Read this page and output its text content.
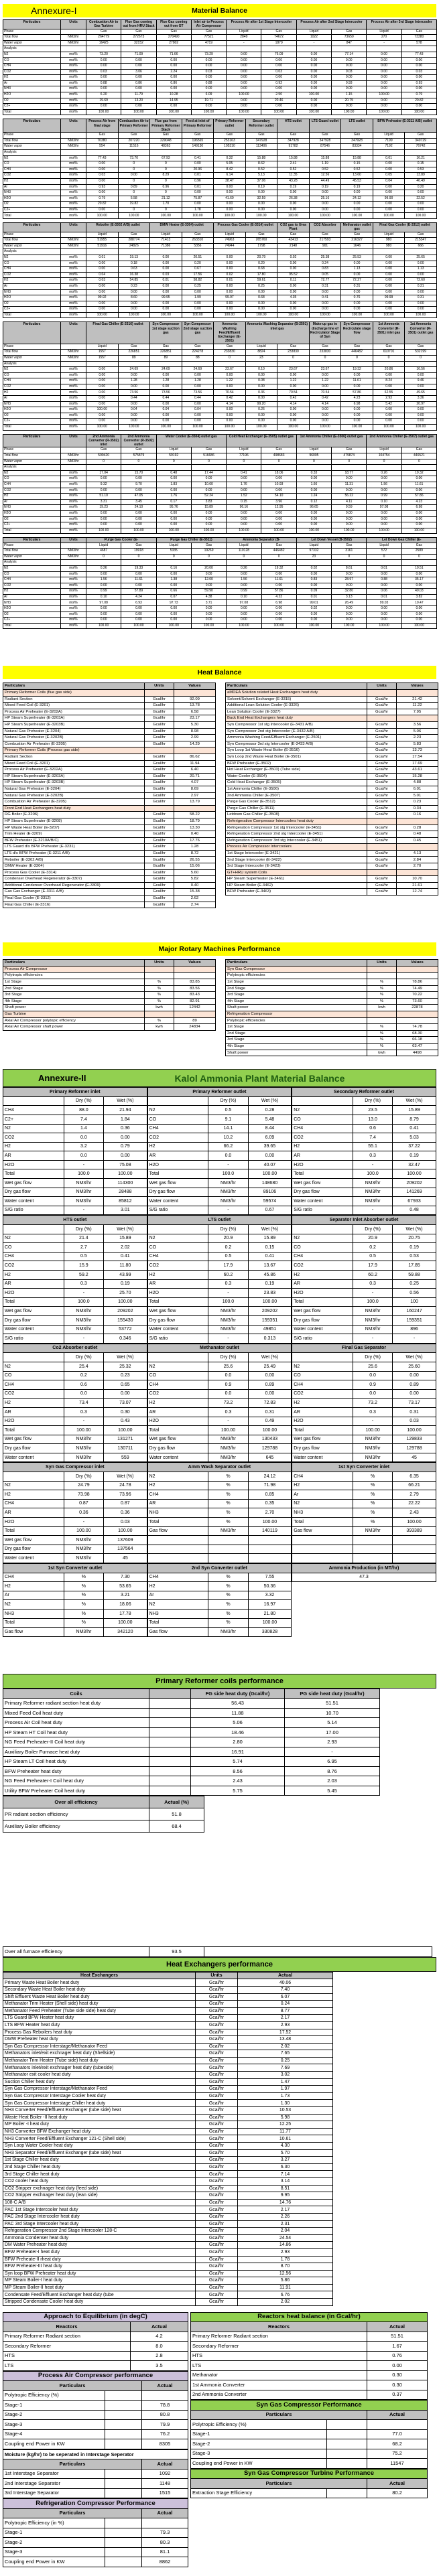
Annexure-I	Material Balance
Particulars	Units	Combustion Air to Gas Turbine	Flue Gas coming out from HRU Stack	Flue Gas coming out from GT	Inlet air to Process Air Compressor	Process Air after 1st Stage Intercooler		Process Air after 2nd Stage Intercooler		Process Air after 3rd Stage Intercooler	
Phase		Gas	Gas	Gas	Gas	Liquid	Gas	Liquid	Gas	Liquid	Gas
Total flow	NM3/hr	264779	272673	270490	77521	2849	74672	1022	73650	270	73380
Water vapor	NM3/hr	16425	32152	27802	4719	-	1870	-	847	-	578
Analysis											
N2	mol%	73.20	71.09	71.66	73.29	0.00	76.09	0.00	77.14	0.00	77.43
CO	mol%	0.00	0.00	0.00	0.00	0.00	0.00	0.00	0.00	0.00	0.00
CH4	mol%	0.00	0.00	0.00	0.00	0.00	0.00	0.00	0.00	0.00	0.00
CO2	mol%	0.03	3.06	2.24	0.03	0.00	0.03	0.00	0.03	0.00	0.03
H2	mol%	0.00	0.00	0.00	0.00	0.00	0.00	0.00	0.00	0.00	0.00
Ar	mol%	0.88	0.86	0.86	0.88	0.00	0.92	0.00	0.93	0.00	0.93
NH3	mol%	0.00	0.00	0.00	0.00	0.00	0.00	0.00	0.00	0.00	0.00
H2O	mol%	6.20	11.79	10.28	6.09	100.00	2.50	100.00	1.15	100.00	0.79
O2	mol%	19.69	13.20	14.95	19.71	0.00	20.46	0.00	20.75	0.00	20.82
C2+	mol%	0.00	0.00	0.00	0.00	0.00	0.00	0.00	0.00	0.00	0.00
Total	mol%	100.00	100.00	100.00	100.00	100.00	100.00	100.00	100.00	100.00	100.00
Particulars	Units	Process Air from final stage	Combustion Air to Primary Reformer	Flue gas from Primary Reformer Stack	Feed at inlet of Primary Reformer	Primary Reformer outlet	Secondary Reformer outlet	HTS outlet	LTS Guard outlet	LTS outlet	BFW Preheater (E-3211 A/B) outlet	
Phase		Gas	Gas	Gas	Gas	Gas	Gas	Gas	Gas	Gas	Liquid	Gas
Total flow	NM3/hr	70380	207220	229048	196565	253163	347928	347928	347928	347928	7199	340729
Water vapor	NM3/hr	554	11516	48363	149130	105310	113406	91782	87546	83334	7192	76742
Analysis												
N2	mol%	77.43	73.70	67.93	0.41	0.32	15.88	15.88	15.88	15.88	0.01	16.21
CO	mol%	0.00	0	0	0.00	5.05	8.62	2.41	1.19	0.15	0.00	0.15
CH4	mol%	0.00	0	0	20.96	8.42	0.52	0.52	0.52	0.52	0.00	0.53
CO2	mol%	0.03	0.00	8.29	0.01	6.14	5.13	11.35	12.56	13.60	0.05	13.89
H2	mol%	0.00	0	0	0.96	38.47	37.06	43.28	44.49	45.53	0.04	46.49
Ar	mol%	0.93	0.89	0.96	0.01	0.00	0.19	0.19	0.19	0.19	0.00	0.20
NH3	mol%	0.00	0	0	0.00	0.00	0.00	0.00	0.00	0.00	0.00	0.00
H2O	mol%	0.79	5.58	21.12	75.87	41.60	32.59	26.38	25.16	24.12	99.90	22.52
O2	mol%	20.82	19.82	1.70	0.00	0.00	0.00	0.00	0.00	0.00	0.00	0.00
C2+	mol%	0.00	0	0	1.78	0.00	0.00	0.00	0.00	0.00	0.00	0.00
Total	mol%	100.00	100.00	100.00	100.00	100.00	100.00	100.00	100.00	100.00	100.00	100.00
Particulars	Units	Reboiler (E-3302 A/B) outlet		DMW Heater (E-3304) outlet		Process Gas Cooler (E-3314) outlet		CO2 gas to Urea Plant	CO2 Absorber	Methanator outlet gas	Final Gas Cooler (E-3312) outlet	
Phase		Liquid	Gas	Liquid	Gas	Liquid	Gas	Gas	Gas	Gas	Liquid	Gas
Total flow	NM3/hr	51955	288774	71413	263310	74963	265760	43413	217593	216327	980	215347
Water vapor	NM3/hr	51916	24826	71386	5356	74944	1798	2148	901	1646	980	666
Analysis												
N2	mol%	0.01	19.13	0.00	20.51	0.00	20.79	0.02	25.38	25.53	0.00	25.65
CO	mol%	0.00	0.18	0.00	0.20	0.00	0.20	0.00	0.24	0.00	0.00	0.00
CH4	mol%	0.00	0.63	0.00	0.67	0.00	0.68	0.00	0.83	1.13	0.00	1.13
CO2	mol%	0.04	16.38	0.03	17.56	0.02	17.80	95.52	0.05	0.00	0.00	0.00
H2	mol%	0.03	54.85	0.01	58.82	0.01	59.61	0.11	72.77	72.27	0.00	72.60
Ar	mol%	0.00	0.23	0.00	0.25	0.00	0.25	0.00	0.31	0.31	0.00	0.31
NH3	mol%	0.00	0.00	0.00	0.00	0.00	0.00	0.00	0.00	0.00	0.00	0.00
H2O	mol%	99.92	8.60	99.95	1.99	99.97	0.68	4.35	0.41	0.76	99.99	0.31
O2	mol%	0.00	0.00	0.00	0.00	0.00	0.00	0.00	0.00	0.00	0.00	0.00
C2+	mol%	0.00	0.00	0.00	0.00	0.00	0.00	0.00	0.00	0.00	0.00	0.00
Total	mol%	100.00	100.00	100.00	100.00	100.00	100.00	100.00	100.00	100.00	100.00	100.00
Particulars	Units	Final Gas Chiller (E-3316) outlet		Syn Compressor 1st stage suction gas	Syn Compressor 2nd stage suction gas	Ammonia Washing Feed/Effluent Exchanger (E-2501)	Ammonia Washing Separator (B-2501) inlet gas		Make-up gas to discharge line of Recirculator Stage of Syn	Syn Compressor Recirculate stage flow	1st Ammonia Converter (R-3501) inlet gas	1st Ammonia Converter (R-3501) outlet gas
Phase		Liquid	Gas	Gas	Gas	Gas	Liquid	Gas	Gas	Gas	Gas	Gas
Total flow	NM3/hr	1557	226851	226851	224278	233830	8824	233830	233830	446482	610701	532199
Water vapor	NM3/hr	1557	89	89	88	0	23	0	0	0	0	0
Analysis												
N2	mol%	0.00	24.69	24.69	24.69	23.67	0.10	23.67	23.67	19.32	20.86	16.56
CO	mol%	0.00	0.00	0.00	0.00	0.00	0.00	0.00	0.00	0.00	0.00	0.00
CH4	mol%	0.00	1.28	1.28	1.28	1.22	0.08	1.22	1.22	11.61	8.24	9.46
CO2	mol%	0.00	0.00	0.00	0.00	0.00	0.00	0.00	0.00	0.00	0.00	0.00
H2	mol%	0.00	73.56	73.56	73.56	70.54	0.36	70.54	70.54	57.86	62.55	49.65
Ar	mol%	0.00	0.44	0.44	0.44	0.42	0.00	0.42	0.42	4.23	2.93	3.36
NH3	mol%	0.00	0.00	0.00	0.00	4.14	99.20	4.14	4.14	6.98	5.42	20.97
H2O	mol%	100.00	0.04	0.04	0.04	0.00	0.26	0.00	0.00	0.00	0.00	0.00
O2	mol%	0.00	0.00	0.00	0.00	0.00	0.00	0.00	0.00	0.00	0.00	0.00
C2+	mol%	0.00	0.00	0.00	0.00	0.00	0.00	0.00	0.00	0.00	0.00	0.00
Total	mol%	100.00	100.00	100.00	100.00	100.00	100.00	100.00	100.00	100.00	100.00	100.00
Particulars	Units	2nd Ammonia Converter (R-3502) inlet	2nd Ammonia Converter (R-3502) outlet	Water Cooler (E-3504) outlet gas		Cold Heat Exchanger (E-3505) outlet gas		1st Ammonia Chiller (E-3506) outlet gas		2nd Ammonia Chiller (E-3507) outlet gas	
Phase		Gas	Gas	Liquid	Gas	Liquid	Gas	Liquid	Gas	Liquid	Gas
Total flow	NM3/hr	599420	575879	59192	516686	77196	498683	96005	479874	104754	446521
Water vapor	NM3/hr	0	0	0	0	0	0	0	0	0	0
Analysis											
N2	mol%	17.04	15.70	0.48	17.44	0.41	18.06	0.33	18.77	0.26	19.32
CO	mol%	0.00	0.00	0.00	0.00	0.00	0.00	0.00	0.00	0.00	0.00
CH4	mol%	9.32	9.70	1.83	10.60	1.76	10.93	1.66	11.31	1.56	11.61
CO2	mol%	0.00	0.00	0.00	0.00	0.00	0.00	0.00	0.00	0.00	0.00
H2	mol%	51.10	47.05	1.76	52.24	1.52	54.10	1.24	56.22	0.99	57.86
Ar	mol%	3.31	3.45	0.17	3.83	0.15	3.96	0.12	4.11	0.10	4.23
NH3	mol%	19.23	24.10	95.76	15.89	96.16	12.95	96.65	9.59	97.08	6.98
H2O	mol%	0.00	0.00	0.00	0.00	0.00	0.00	0.00	0.00	0.00	0.00
O2	mol%	0.00	0.00	0.00	0.00	0.00	0.00	0.00	0.00	0.00	0.00
C2+	mol%	0.00	0.00	0.00	0.00	0.00	0.00	0.00	0.00	0.00	0.00
Total	mol%	100.00	100.00	100.00	100.00	100.00	100.00	100.00	100.00	100.00	100.00
Particulars	Units	Purge Gas Cooler (E-		Purge Gas Chiller (E-3511)		Ammonia Separator (B-		Let Down Vessel (B-3502)		Let Down Gas Chiller (E-	
Phase		Liquid	Gas	Liquid	Gas	Liquid	Gas	Liquid	Gas	Liquid	Gas
Total flow	NM3/hr	4687	19918	5335	19269	110128	446482	97332	3161	572	2589
Water vapor	NM3/hr	0	0	0	0	0	0	23	0	0	0
Analysis											
N2	mol%	0.26	19.33	0.16	20.00	0.26	19.32	0.02	8.61	0.01	10.51
CO	mol%	0.00	0.00	0.00	0.00	0.00	0.00	0.00	0.00	0.00	0.00
CH4	mol%	1.56	11.61	1.38	12.00	1.56	11.61	0.83	28.97	0.88	35.17
CO2	mol%	0.00	0.00	0.00	0.00	0.00	0.00	0.00	0.00	0.00	0.00
H2	mol%	0.99	57.89	0.66	59.90	0.99	57.86	0.09	32.80	0.06	40.03
Ar	mol%	0.10	4.24	0.07	4.38	0.10	4.23	0.01	3.13	0.01	3.82
NH3	mol%	97.08	6.93	97.73	3.71	97.08	6.98	99.01	26.49	99.03	10.47
H2O	mol%	0.00	0.00	0.00	0.00	0.00	0.00	0.02	0.00	0.00	0.00
O2	mol%	0.00	0.00	0.00	0.00	0.00	0.00	0.00	0.00	0.00	0.00
C2+	mol%	0.00	0.00	0.00	0.00	0.00	0.00	0.00	0.00	0.00	0.00
Total	mol%	100.00	100.00	100.00	100.00	100.00	100.00	100.00	100.00	100.00	100.00
Heat Balance
Particulars	Units	Values
Primary Reformer Coils (flue gas side)		
Radiant Section	Gcal/hr	92.09
Mixed Feed Coil (E-3201)	Gcal/hr	13.78
Process Air Preheater (E-3202A)	Gcal/hr	6.58
HP Steam Superheater (E-3203A)	Gcal/hr	23.17
HP Steam Superheater (E-3203B)	Gcal/hr	5.30
Natural Gas Preheater (E-3204)	Gcal/hr	8.98
Natural Gas Preheater (E-3202B)	Gcal/hr	2.99
Combustion Air Preheater (E-3205)	Gcal/hr	14.29
Primary Reformer Coils (Process gas side)		
Radiant Section	Gcal/hr	86.62
Mixed Feed Coil (E-3201)	Gcal/hr	11.94
Process Air Preheater (E-3202A)	Gcal/hr	6.40
HP Steam Superheater (E-3203A)	Gcal/hr	20.71
HP Steam Superheater (E-3203B)	Gcal/hr	4.07
Natural Gas Preheater (E-3204)	Gcal/hr	8.69
Natural Gas Preheater (E-3202B)	Gcal/hr	2.97
Combustion Air Preheater (E-3205)	Gcal/hr	13.79
Front End Heat Exchangers heat duty		
RG Boiler (E-3206)	Gcal/hr	58.22
HP Steam Superheater (E-3208)	Gcal/hr	18.79
HP Waste Heat Boiler (E-3207)	Gcal/hr	13.30
Trim Heater (E-3209)	Gcal/hr	0.40
BFW Preheater (E-3210A/B/C)	Gcal/hr	17.76
LTS Guard d/s BFW Preheater (E-3231)	Gcal/hr	1.28
LTS d/s BFW Preheater (E-3211 A/B)	Gcal/hr	8.72
Reboiler (E-3302 A/B)	Gcal/hr	26.55
DMW Heater (E-3304)	Gcal/hr	15.06
Process Gas Cooler (E-3314)	Gcal/hr	5.60
Condenser Overhead Regenerator (E-3307)	Gcal/hr	5.82
Additional Condenser Overhead Regenerator (E-3309)	Gcal/hr	0.40
Gas Gas Exchanger (E-3311 A/B)	Gcal/hr	15.38
Final Gas Cooler (E-3312)	Gcal/hr	2.62
Final Gas Chiller (E-3316)	Gcal/hr	2.74
Particulars	Units	Values
aMDEA Solution related Heat Exchangers heat duty		
Solvent/Solvent Exchanger (E-3315)	Gcal/hr	21.42
Additional Lean Solution Cooler (E-3326)	Gcal/hr	11.22
Lean Solution Cooler (E-3327)	Gcal/hr	7.95
Back End Heat Exchangers heat duty		
Syn Compressor 1st stg Intercooler (E-3431 A/B)	Gcal/hr	3.56
Syn Compressor 2nd stg Intercooler (E-3432 A/B)	Gcal/hr	5.06
Ammonia Washing Feed/Effluent Exchanger (E-2501)	Gcal/hr	2.23
Syn Compressor 3rd stg Intercooler (E-3433 A/B)	Gcal/hr	5.83
Syn Loop 1st Waste Heat Boiler (E-3516)	Gcal/hr	13.73
Syn Loop 2nd Waste Heat Boiler (E-3501)	Gcal/hr	17.54
BFW Preheater (E-3502)	Gcal/hr	17.69
Hot Heat Exchanger (E-3503) (Tube side)	Gcal/hr	43.61
Water Cooler (E-3504)	Gcal/hr	15.28
Cold Heat Exchanger (E-3505)	Gcal/hr	4.88
1st Ammonia Chiller (E-3506)	Gcal/hr	6.01
2nd Ammonia Chiller (E-3507)	Gcal/hr	5.01
Purge Gas Cooler (E-3512)	Gcal/hr	0.23
Purge Gas Chiller (E-3511)	Gcal/hr	0.34
Letdown Gas Chiller (E-3508)	Gcal/hr	0.16
Referigeration Compressor Intercoolers heat duty		
Refrigeration Compressor 1st stg Intercooler (E-3451)	Gcal/hr	0.28
Refrigeration Compressor 2nd stg Intercooler (E-3451)	Gcal/hr	0.48
Refrigeration Compressor 3rd stg Intercooler (E-3451)	Gcal/hr	0.45
Process Air Compressor Intercoolers		
1st Stage Intercooler (E-3421)	Gcal/hr	4.13
2nd Stage Intercooler (E-3422)	Gcal/hr	2.84
3rd Stage Intercooler (E-3423)	Gcal/hr	2.70
GT+HRU system Coils		
HP Steam Superheater (E-3461)	Gcal/hr	10.70
HP Steam Boiler (E-3462)	Gcal/hr	21.61
BFW Preheater (E-3463)	Gcal/hr	12.74
Major Rotary Machines Performance
Particulars	Units	Values
Process Air Compressor		
Polytropic efficiencies		
1st Stage	%	83.85
2nd Stage	%	83.56
3rd Stage	%	83.43
4th Stage	%	82.91
Shaft power	kwh	12442
Gas Turbine		
Axial Air Compressor polytopic efficiency	%	89
Axial Air Compressor shaft power	kwh	24834
Particulars	Units	Values
Syn Gas Compressor		
Polytropic efficiencies		
1st Stage	%	78.86
2nd Stage	%	74.49
3rd Stage	%	70.22
4th Stage	%	73.60
Shaft power	kwh	22878
Refrigeration Compressor		
Polytropic efficiencies		
1st Stage	%	74.78
2nd Stage	%	68.30
3rd Stage	%	66.18
4th Stage	%	63.47
Shaft power	kwh	4498
Annexure-II	Kalol Ammonia Plant Material Balance
Primary Reformer inlet		
	Dry (%)	Wet (%)
CH4	88.0	21.94
C2+	7.4	1.84
N2	1.4	0.36
CO2	0.0	0.00
H2	3.2	0.79
AR	0.0	0.00
H2O	-	75.08
Total	100.0	100.00
Wet gas flow	NM3/hr	114300
Dry gas flow	NM3/hr	28488
Water content	NM3/hr	85812
S/G ratio	-	3.01
Primary Reformer outlet		
	Dry (%)	Wet (%)
N2	0.5	0.28
CO	9.1	5.48
CH4	14.1	8.44
CO2	10.2	6.09
H2	66.2	39.65
AR	0.0	0.00
H2O	-	40.07
Total	100.0	100.00
Wet gas flow	NM3/hr	148680
Dry gas flow	NM3/hr	89106
Water content	NM3/hr	59574
S/G ratio	-	0.67
Secondary Reformer outlet		
	Dry (%)	Wet (%)
N2	23.5	15.89
CO	13.0	8.79
CH4	0.6	0.41
CO2	7.4	5.03
H2	55.1	37.22
AR	0.3	0.19
H2O	-	32.47
Total	100.0	100.00
Wet gas flow	NM3/hr	209202
Dry gas flow	NM3/hr	141269
Water content	NM3/hr	67933
S/G ratio	-	0.48
HTS outlet		
	Dry (%)	Wet (%)
N2	21.4	15.89
CO	2.7	2.02
CH4	0.5	0.41
CO2	15.9	11.80
H2	59.2	43.99
AR	0.3	0.19
H2O	-	25.70
Total	100.0	100.00
Wet gas flow	NM3/hr	209202
Dry gas flow	NM3/hr	155430
Water content	NM3/hr	53772
S/G ratio	-	0.346
LTS outlet		
	Dry (%)	Wet (%)
N2	20.9	15.89
CO	0.2	0.15
CH4	0.5	0.41
CO2	17.9	13.67
H2	60.2	45.86
AR	0.3	0.19
H2O	-	23.83
Total	100.0	100.00
Wet gas flow	NM3/hr	209202
Dry gas flow	NM3/hr	159351
Water content	NM3/hr	49851
S/G ratio	-	0.313
Separator Inlet Absorber outlet		
	Dry (%)	Wet (%)
N2	20.9	20.75
CO	0.2	0.19
CH4	0.5	0.53
CO2	17.9	17.85
H2	60.2	59.88
AR	0.3	0.25
H2O	-	0.56
Total	100.0	100
Wet gas flow	NM3/hr	160247
Dry gas flow	NM3/hr	159351
Water content	NM3/hr	896
S/G ratio	-	-
Co2 Absorber outlet		
	Dry (%)	Wet (%)
N2	25.4	25.32
CO	0.2	0.23
CH4	0.6	0.65
CO2	0.0	0.00
H2	73.4	73.07
AR	0.3	0.30
H2O	-	0.43
Total	100.00	100.00
Wet gas flow	NM3/hr	131271
Dry gas flow	NM3/hr	130711
Water content	NM3/hr	559
Methanator outlet		
	Dry (%)	Wet (%)
N2	25.6	25.49
CO	0.0	0.00
CH4	0.9	0.89
CO2	0.0	0.00
H2	73.2	72.83
AR	0.3	0.31
H2O	-	0.49
Total	100.00	100.00
Wet gas flow	NM3/hr	130433
Dry gas flow	NM3/hr	129788
Water content	NM3/hr	645
Final Gas Separator		
	Dry (%)	Wet (%)
N2	25.6	25.60
CO	0.0	0.00
CH4	0.9	0.89
CO2	0.0	0.00
H2	73.2	73.17
AR	0.3	0.31
H2O	-	0.03
Total	100.00	100.00
Wet gas flow	NM3/hr	129833
Dry gas flow	NM3/hr	129788
Water content	NM3/hr	45
Syn Gas Compressor inlet		
	Dry (%)	Wet (%)
N2	24.79	24.78
H2	73.98	73.96
CH4	0.87	0.87
AR	0.36	0.36
H2O	-	0.03
Total	100.00	100.00
Wet gas flow	NM3/hr	137609
Dry gas flow	NM3/hr	137564
Water content	NM3/hr	45
Amm Wash Separator outlet		
N2	%	24.12
H2	%	71.98
CH4	%	0.85
AR	%	0.35
NH3	%	2.70
Total	%	100.00
Gas flow	NM3/hr	140119

1st Syn Converter inlet		
CH4	%	6.35
H2	%	66.21
Ar	%	2.79
N2	%	22.22
NH3	%	2.43
Total	%	100.00
Gas flow	NM3/hr	393389

1st Syn Converter outlet		
CH4	%	7.30
H2	%	53.65
Ar	%	3.21
N2	%	18.06
NH3	%	17.78
Total	%	100.00
Gas flow	NM3/hr	342120
2nd Syn Converter outlet		
CH4	%	7.55
H2	%	50.36
Ar	%	3.32
N2	%	16.97
NH3	%	21.80
Total	%	100.00
Gas flow	NM3/hr	330828
Ammonia Production (in MT/hr)
47.3
Primary Reformer coils performance
Coils		FG side heat duty (Gcal/hr)	PG side heat duty (Gcal/hr)
Primary Reformer radiant section heat duty		56.43	51.51
Mixed Feed Coil heat duty		11.88	10.70
Process Air Coil heat duty		5.06	5.14
HP Steam HT Coil heat duty		18.46	17.00
NG Feed Preheater-II Coil heat duty		2.80	2.93
Auxiliary Boiler Furnace heat duty		16.91	-
HP Steam LT Coil heat duty		5.74	6.95
BFW Preheater heat duty		8.56	8.76
NG Feed Preheater-I Coil heat duty		2.43	2.03
Utility BFW Preheater Coil heat duty		5.75	5.45
Over all efficiency	Actual (%)
PR radiant section efficiency	51.8
Auxiliary Boiler efficiency	68.4
Over all furnace efficiency	93.5	
Heat Exchangers performance
Heat Exchangers	Units	Actual
Primary Waste Heat Boiler heat duty	Gcal/hr	40.06
Secondary Waste Heat Boiler heat duty	Gcal/hr	7.40
Shift Effluent Waste Heat Boiler heat duty	Gcal/hr	6.07
Methanator Trim Heater (Shell side) heat duty	Gcal/hr	0.24
Methanator Feed Preheater (Tube side side) heat duty	Gcal/hr	8.77
LTS Guard BFW Heater heat duty	Gcal/hr	2.17
LTS BFW Heater heat duty	Gcal/hr	2.93
Process Gas Reboilers heat duty	Gcal/hr	17.52
DMW Preheater heat duty	Gcal/hr	13.48
Syn Gas Compressor Interstage/Methanator Feed	Gcal/hr	2.02
Methanators inlet/exit exchnager heat duty (Shellside)	Gcal/hr	7.65
Methanator Trim Heater (Tube side) heat duty	Gcal/hr	0.25
Methanators inlet/exit exchnager heat duty (tubeside)	Gcal/hr	7.69
Methanator exit cooler heat duty	Gcal/hr	3.02
Suction Chiller heat duty	Gcal/hr	1.47
Syn Gas Compressor Interstage/Methanator Feed	Gcal/hr	1.97
Syn Gas Compressor Interstage Cooler heat duty	Gcal/hr	1.73
Syn Gas Compressor Interstage Chiller heat duty	Gcal/hr	1.30
NH3 Converter Feed/Effluent Exchanger (tube side) heat	Gcal/hr	10.53
Waste Heat Boiler -II heat duty	Gcal/hr	5.98
MP Boiler -I heat duty	Gcal/hr	12.25
NH3 Converter BFW Exchanger heat duty	Gcal/hr	11.77
NH3 Converter Feed/Effluent Exchanger 121-C (Shell side)	Gcal/hr	10.61
Syn Loop Water Cooler heat duty	Gcal/hr	4.30
NH3 Separator Feed/Effluent Exchanger (tube side) heat	Gcal/hr	5.70
1st Stage Chiller heat duty	Gcal/hr	3.27
2nd Stage Chiller heat duty	Gcal/hr	6.30
3rd Stage Chiller heat duty	Gcal/hr	7.14
CO2 cooler heat duty	Gcal/hr	3.14
CO2 Stripper exchnager heat duty (feed side)	Gcal/hr	8.51
CO2 Stripper exchnager heat duty (lean side)	Gcal/hr	9.95
108-C A/B	Gcal/hr	14.76
PAC 1st Stage Intercooler heat duty	Gcal/hr	2.17
PAC 2nd Stage Intercooler heat duty	Gcal/hr	2.26
PAC 3rd Stage Intercooler heat duty	Gcal/hr	2.31
Refrigeration Compressor 2nd Stage Intercooler 128-C	Gcal/hr	2.04
Ammonia Condenser heat duty	Gcal/hr	24.54
DM Water Preheater heat duty	Gcal/hr	14.86
BFW Preheater-I heat duty	Gcal/hr	2.93
BFW Preheate-II rheat duty	Gcal/hr	1.78
BFW Preheater-III heat duty	Gcal/hr	8.70
Syn loop BFW Preheater heat duty	Gcal/hr	12.56
MP Steam Boiler-I heat duty	Gcal/hr	5.86
MP Steam Boiler-II heat duty	Gcal/hr	11.91
Condensate Feed/Effluent Exchanger heat duty (tube	Gcal/hr	6.76
Stripped Condensate Cooler heat duty	Gcal/hr	2.02
Approach to Equilibrium (in degC)	
Reactors	Actual
Primary Reformer Radiant section	4.2
Secondary Reformer	8.0
HTS	2.8
LTS	3.5
Process Air Compressor performance		
Particulars		Actual
Polytropic Efficiency (%)		
Stage-1		78.8
Stage-2		80.8
Stage-3		79.9
Stage-4		76.2
Coupling end Power in KW		8305
Moisture (kg/hr) to be seperated in Interstage Seperator		
Particulars		Actual
1st Interstage Separator		1092
2nd Interstage Separator		1148
3rd Interstage Separator		1515
Refrigeration Compressor Performance		
Particulars		Actual
Polytropic Efficiency (in %)		
Stage-1		79.3
Stage-2		80.3
Stage-3		81.1
Coupling end Power in KW		8862
Reactors heat balance (in Gcal/hr)	
Reactors	Actual
Primary Reformer Radiant section	51.51
Secondary Reformer	1.67
HTS	0.76
LTS	0.00
Methanator	0.30
1st Ammonia Converter	0.30
2nd Ammonia Converter	0.37
Syn Gas Compressor Performance		
Particulars		Actual
Polytropic Efficiency (%)		
Stage-1		77.0
Stage-2		68.2
Stage-3		75.2
Coupling end Power in KW		11547
Syn Gas Compressor Turbine Performance		
Particulars		Actual
Extraction Stage Efficiency		80.2
